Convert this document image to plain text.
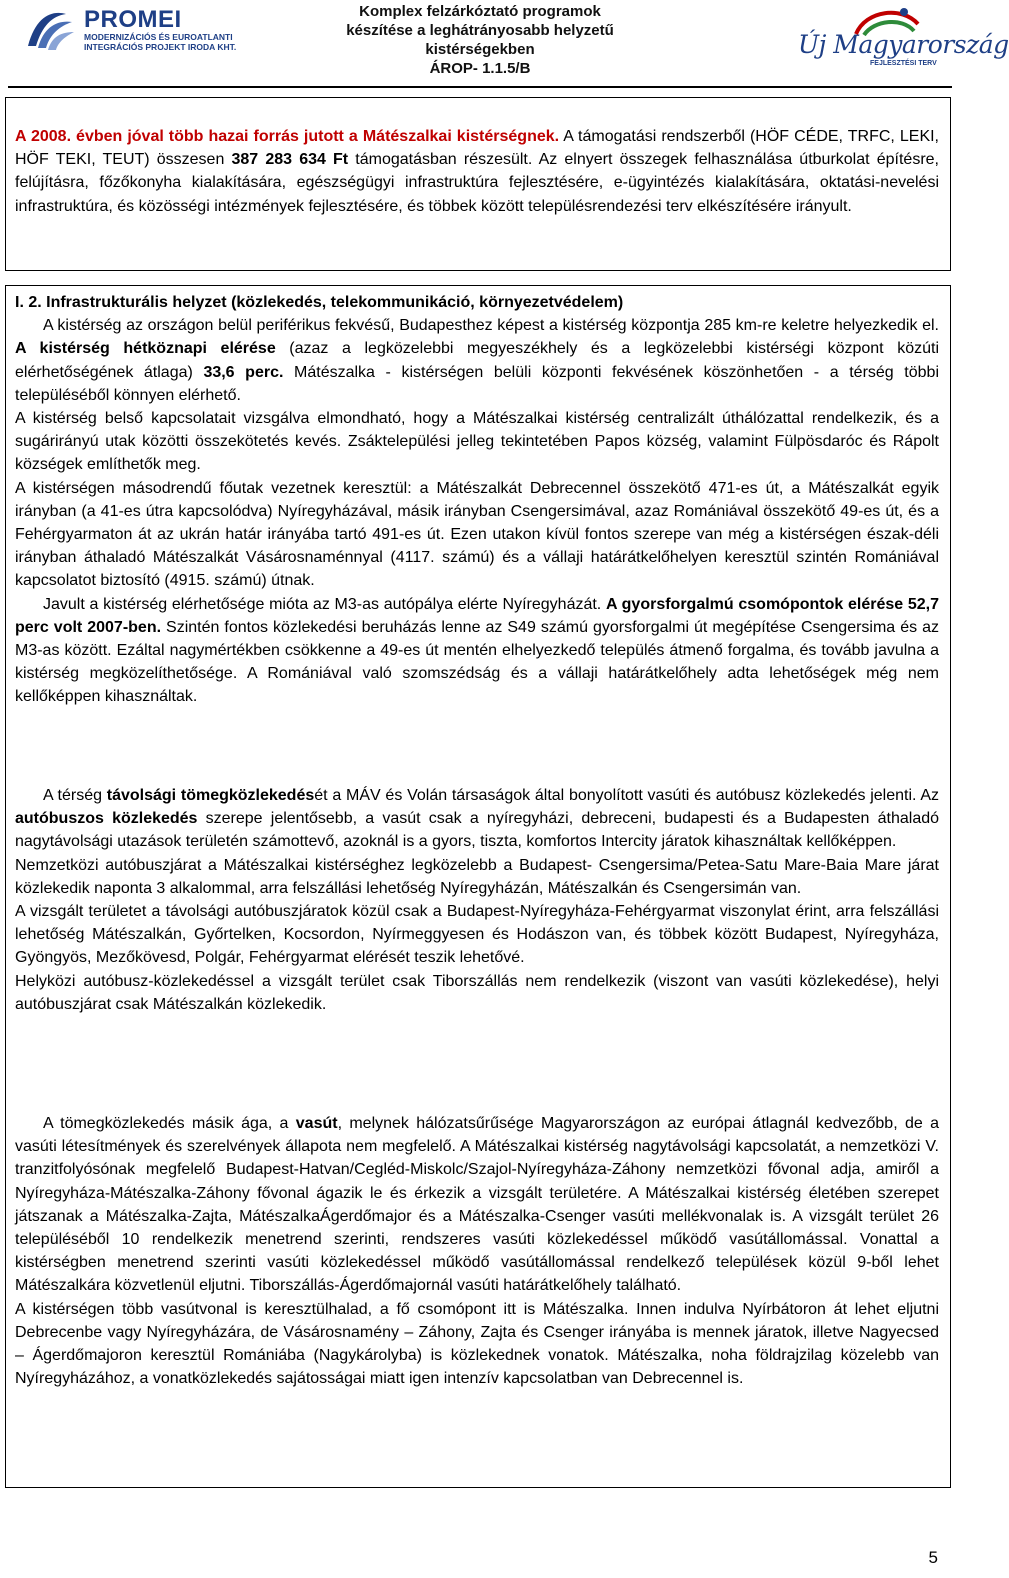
PROMEI
MODERNIZÁCIÓS ÉS EUROATLANTI
INTEGRÁCIÓS PROJEKT IRODA KHT.
Komplex felzárkóztató programok
készítése a leghátrányosabb helyzetű
kistérségekben
ÁROP- 1.1.5/B
Új Magyarország
FEJLESZTÉSI TERV

A 2008. évben jóval több hazai forrás jutott a Mátészalkai kistérségnek. A támogatási rendszerből (HÖF CÉDE, TRFC, LEKI, HÖF TEKI, TEUT) összesen 387 283 634 Ft támogatásban részesült. Az elnyert összegek felhasználása útburkolat építésre, felújításra, főzőkonyha kialakítására, egészségügyi infrastruktúra fejlesztésére, e-ügyintézés kialakítására, oktatási-nevelési infrastruktúra, és közösségi intézmények fejlesztésére, és többek között településrendezési terv elkészítésére irányult.

I. 2. Infrastrukturális helyzet (közlekedés, telekommunikáció, környezetvédelem)
A kistérség az országon belül periférikus fekvésű, Budapesthez képest a kistérség központja 285 km-re keletre helyezkedik el. A kistérség hétköznapi elérése (azaz a legközelebbi megyeszékhely és a legközelebbi kistérségi központ közúti elérhetőségének átlaga) 33,6 perc. Mátészalka - kistérségen belüli központi fekvésének köszönhetően - a térség többi településéből könnyen elérhető.
A kistérség belső kapcsolatait vizsgálva elmondható, hogy a Mátészalkai kistérség centralizált úthálózattal rendelkezik, és a sugárirányú utak közötti összekötetés kevés. Zsáktelepülési jelleg tekintetében Papos község, valamint Fülpösdaróc és Rápolt községek említhetők meg.
A kistérségen másodrendű főutak vezetnek keresztül: a Mátészalkát Debrecennel összekötő 471-es út, a Mátészalkát egyik irányban (a 41-es útra kapcsolódva) Nyíregyházával, másik irányban Csengersimával, azaz Romániával összekötő 49-es út, és a Fehérgyarmaton át az ukrán határ irányába tartó 491-es út. Ezen utakon kívül fontos szerepe van még a kistérségen észak-déli irányban áthaladó Mátészalkát Vásárosnaménnyal (4117. számú) és a vállaji határátkelőhelyen keresztül szintén Romániával kapcsolatot biztosító (4915. számú) útnak.
Javult a kistérség elérhetősége mióta az M3-as autópálya elérte Nyíregyházát. A gyorsforgalmú csomópontok elérése 52,7 perc volt 2007-ben. Szintén fontos közlekedési beruházás lenne az S49 számú gyorsforgalmi út megépítése Csengersima és az M3-as között. Ezáltal nagymértékben csökkenne a 49-es út mentén elhelyezkedő település átmenő forgalma, és tovább javulna a kistérség megközelíthetősége. A Romániával való szomszédság és a vállaji határátkelőhely adta lehetőségek még nem kellőképpen kihasználtak.
A térség távolsági tömegközlekedését a MÁV és Volán társaságok által bonyolított vasúti és autóbusz közlekedés jelenti. Az autóbuszos közlekedés szerepe jelentősebb, a vasút csak a nyíregyházi, debreceni, budapesti és a Budapesten áthaladó nagytávolsági utazások területén számottevő, azoknál is a gyors, tiszta, komfortos Intercity járatok kihasználtak kellőképpen.
Nemzetközi autóbuszjárat a Mátészalkai kistérséghez legközelebb a Budapest- Csengersima/Petea-Satu Mare-Baia Mare járat közlekedik naponta 3 alkalommal, arra felszállási lehetőség Nyíregyházán, Mátészalkán és Csengersimán van.
A vizsgált területet a távolsági autóbuszjáratok közül csak a Budapest-Nyíregyháza-Fehérgyarmat viszonylat érint, arra felszállási lehetőség Mátészalkán, Győrtelken, Kocsordon, Nyírmeggyesen és Hodászon van, és többek között Budapest, Nyíregyháza, Gyöngyös, Mezőkövesd, Polgár, Fehérgyarmat elérését teszik lehetővé.
Helyközi autóbusz-közlekedéssel a vizsgált terület csak Tiborszállás nem rendelkezik (viszont van vasúti közlekedése), helyi autóbuszjárat csak Mátészalkán közlekedik.
A tömegközlekedés másik ága, a vasút, melynek hálózatsűrűsége Magyarországon az európai átlagnál kedvezőbb, de a vasúti létesítmények és szerelvények állapota nem megfelelő. A Mátészalkai kistérség nagytávolsági kapcsolatát, a nemzetközi V. tranzitfolyósónak megfelelő Budapest-Hatvan/Cegléd-Miskolc/Szajol-Nyíregyháza-Záhony nemzetközi fővonal adja, amiről a Nyíregyháza-Mátészalka-Záhony fővonal ágazik le és érkezik a vizsgált területére. A Mátészalkai kistérség életében szerepet játszanak a Mátészalka-Zajta, MátészalkaÁgerdőmajor és a Mátészalka-Csenger vasúti mellékvonalak is. A vizsgált terület 26 településéből 10 rendelkezik menetrend szerinti, rendszeres vasúti közlekedéssel működő vasútállomással. Vonattal a kistérségben menetrend szerinti vasúti közlekedéssel működő vasútállomással rendelkező települések közül 9-ből lehet Mátészalkára közvetlenül eljutni. Tiborszállás-Ágerdőmajornál vasúti határátkelőhely található.
A kistérségen több vasútvonal is keresztülhalad, a fő csomópont itt is Mátészalka. Innen indulva Nyírbátoron át lehet eljutni Debrecenbe vagy Nyíregyházára, de Vásárosnamény – Záhony, Zajta és Csenger irányába is mennek járatok, illetve Nagyecsed – Ágerdőmajoron keresztül Romániába (Nagykárolyba) is közlekednek vonatok. Mátészalka, noha földrajzilag közelebb van Nyíregyházához, a vonatközlekedés sajátosságai miatt igen intenzív kapcsolatban van Debrecennel is.
5
